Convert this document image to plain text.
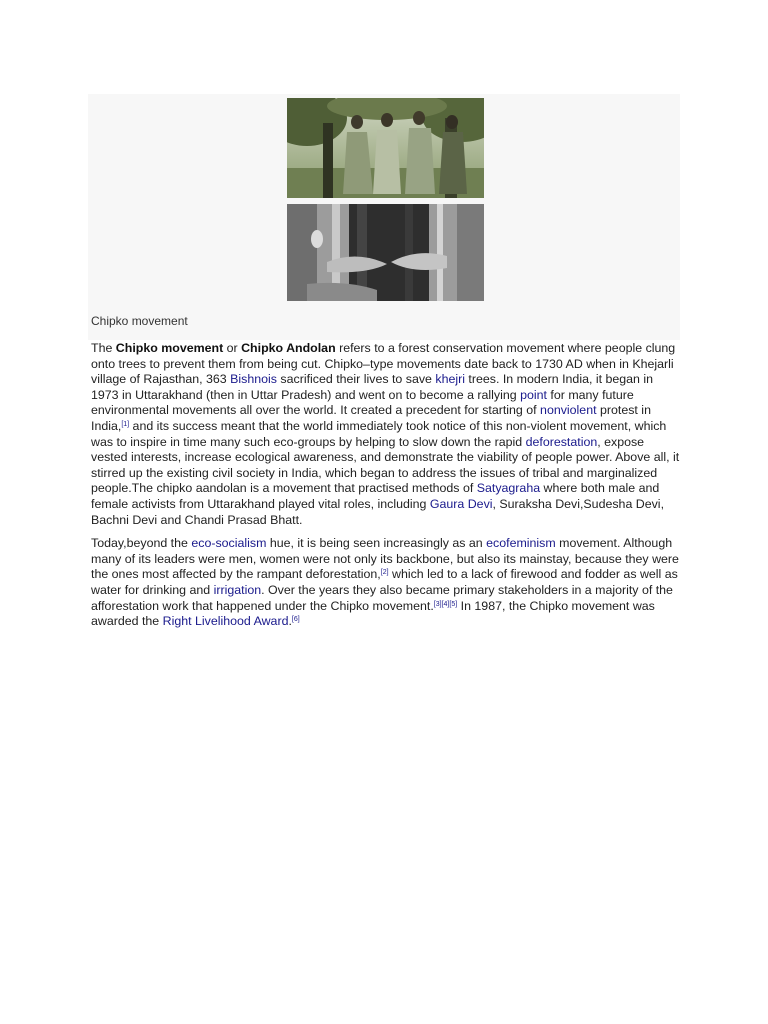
Chipko movement

The Chipko movement or Chipko Andolan refers to a forest conservation movement where people clung onto trees to prevent them from being cut. Chipko–type movements date back to 1730 AD when in Khejarli village of Rajasthan, 363 Bishnois sacrificed their lives to save khejri trees. In modern India, it began in 1973 in Uttarakhand (then in Uttar Pradesh) and went on to become a rallying point for many future environmental movements all over the world. It created a precedent for starting of nonviolent protest in India,[1] and its success meant that the world immediately took notice of this non-violent movement, which was to inspire in time many such eco-groups by helping to slow down the rapid deforestation, expose vested interests, increase ecological awareness, and demonstrate the viability of people power. Above all, it stirred up the existing civil society in India, which began to address the issues of tribal and marginalized people.The chipko aandolan is a movement that practised methods of Satyagraha where both male and female activists from Uttarakhand played vital roles, including Gaura Devi, Suraksha Devi,Sudesha Devi, Bachni Devi and Chandi Prasad Bhatt.

Today,beyond the eco-socialism hue, it is being seen increasingly as an ecofeminism movement. Although many of its leaders were men, women were not only its backbone, but also its mainstay, because they were the ones most affected by the rampant deforestation,[2] which led to a lack of firewood and fodder as well as water for drinking and irrigation. Over the years they also became primary stakeholders in a majority of the afforestation work that happened under the Chipko movement.[3][4][5] In 1987, the Chipko movement was awarded the Right Livelihood Award.[6]
